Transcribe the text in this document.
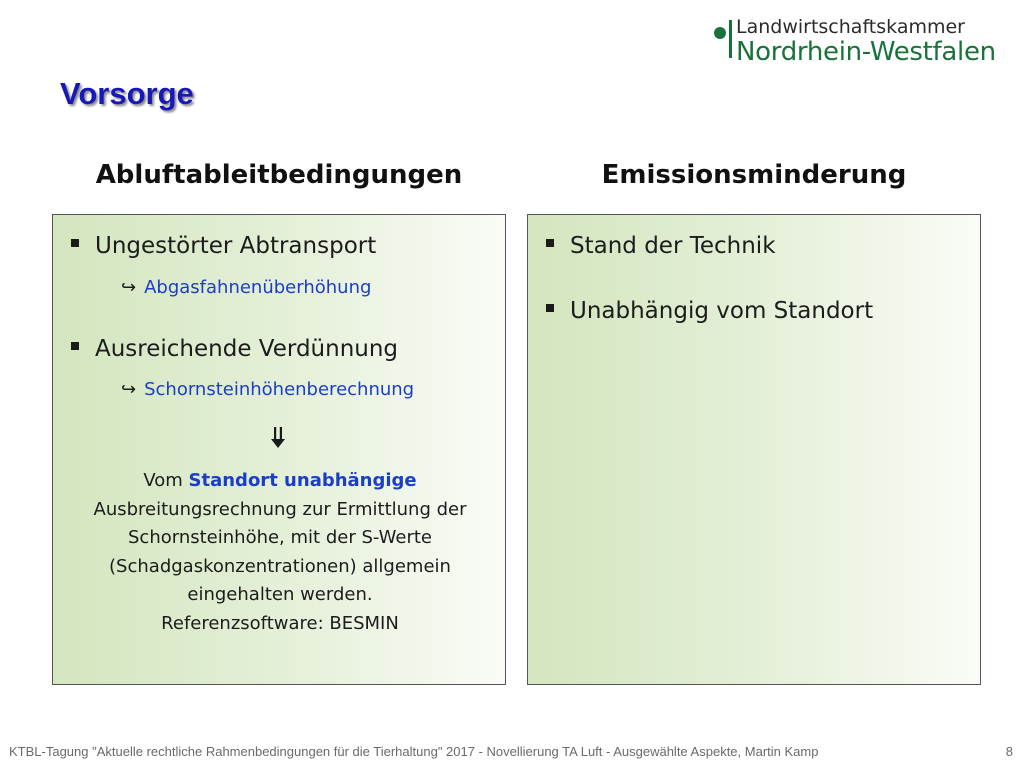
Landwirtschaftskammer
Nordrhein-Westfalen
Vorsorge
Abluftableitbedingungen	Emissionsminderung
Ungestörter Abtransport
↪ Abgasfahnenüberhöhung
Ausreichende Verdünnung
↪ Schornsteinhöhenberechnung
Vom Standort unabhängige
Ausbreitungsrechnung zur Ermittlung der
Schornsteinhöhe, mit der S-Werte
(Schadgaskonzentrationen) allgemein
eingehalten werden.
Referenzsoftware: BESMIN
Stand der Technik
Unabhängig vom Standort
KTBL-Tagung "Aktuelle rechtliche Rahmenbedingungen für die Tierhaltung" 2017 - Novellierung TA Luft - Ausgewählte Aspekte, Martin Kamp	8
